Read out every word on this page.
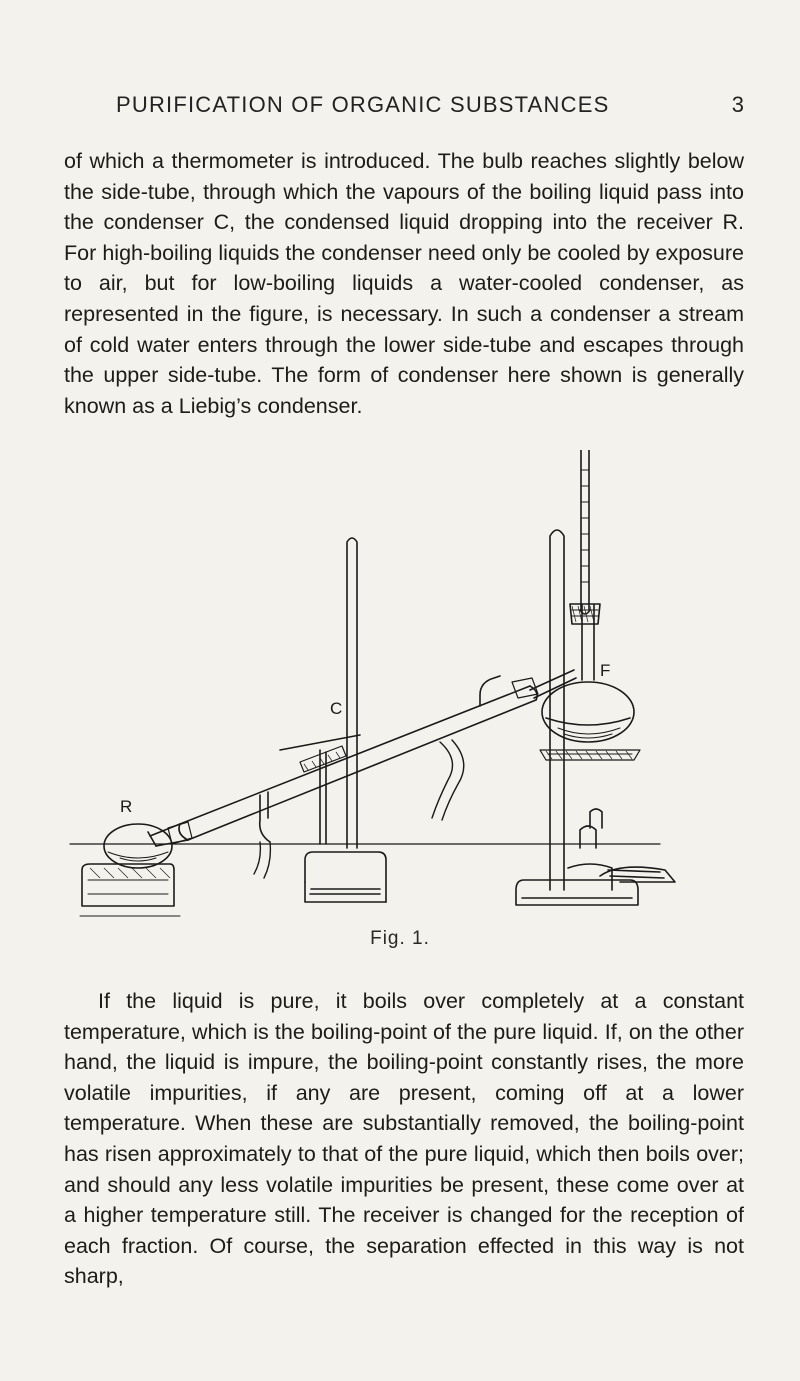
PURIFICATION OF ORGANIC SUBSTANCES	3

of which a thermometer is introduced. The bulb reaches slightly below the side-tube, through which the vapours of the boiling liquid pass into the condenser C, the condensed liquid dropping into the receiver R. For high-boiling liquids the condenser need only be cooled by exposure to air, but for low-boiling liquids a water-cooled condenser, as represented in the figure, is necessary. In such a condenser a stream of cold water enters through the lower side-tube and escapes through the upper side-tube. The form of condenser here shown is generally known as a Liebig’s condenser.

C
R
F
Fig. 1.

If the liquid is pure, it boils over completely at a constant temperature, which is the boiling-point of the pure liquid. If, on the other hand, the liquid is impure, the boiling-point constantly rises, the more volatile impurities, if any are present, coming off at a lower temperature. When these are substantially removed, the boiling-point has risen approximately to that of the pure liquid, which then boils over; and should any less volatile impurities be present, these come over at a higher temperature still. The receiver is changed for the reception of each fraction. Of course, the separation effected in this way is not sharp,
